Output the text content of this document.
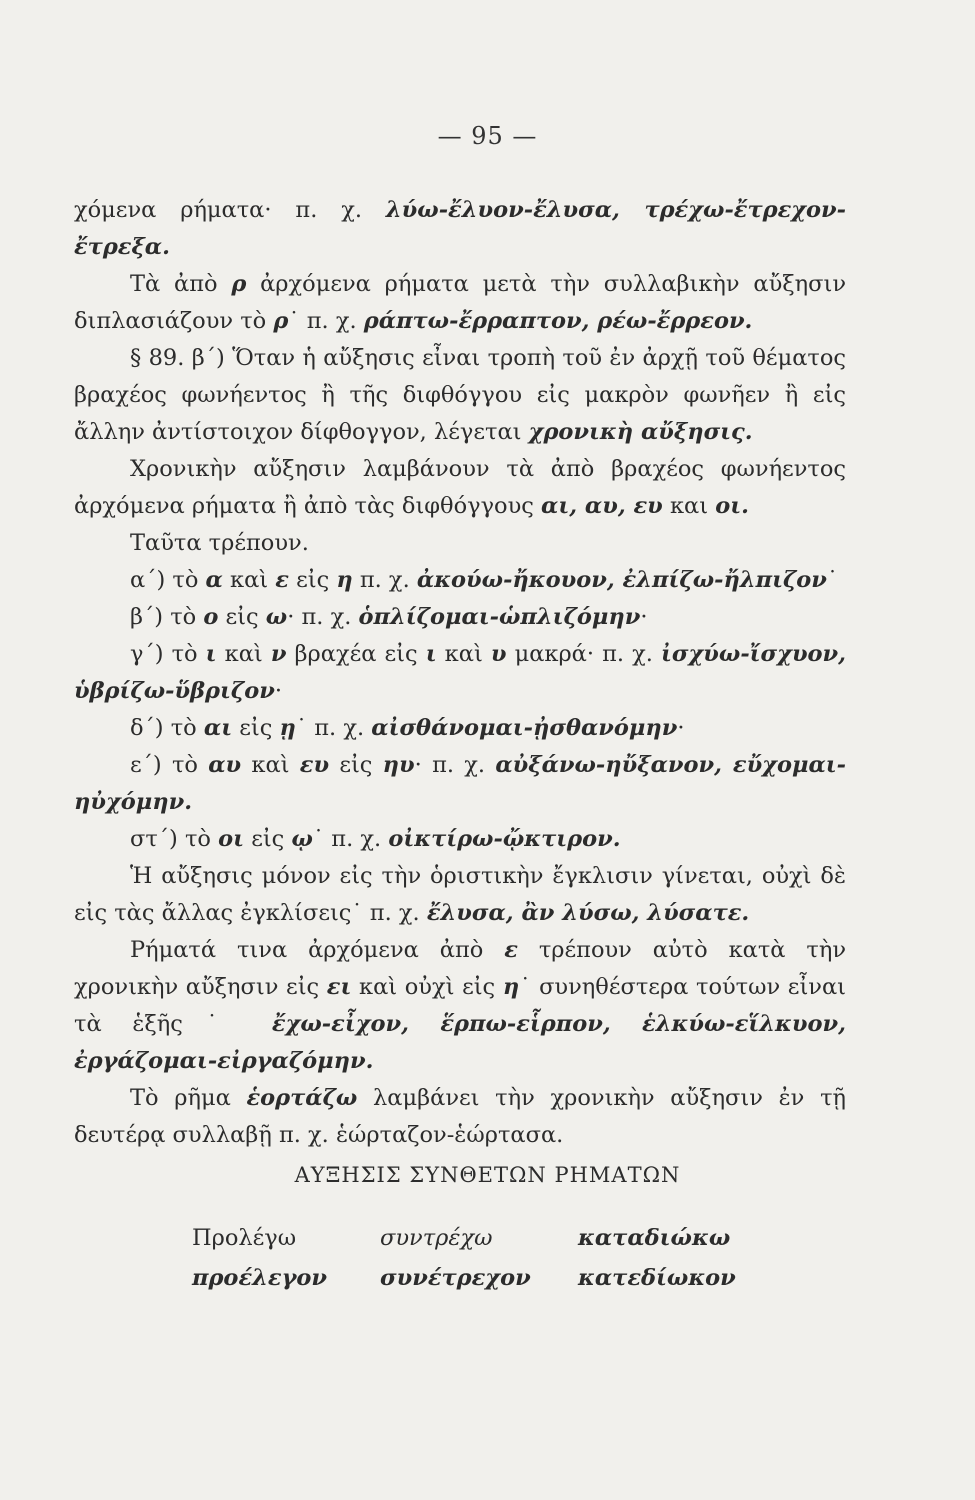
— 95 —

χόμενα ρήματα· π. χ. λύω-ἔλυον-ἔλυσα, τρέχω-ἔτρεχον-ἔτρεξα.

Τὰ ἀπὸ ρ ἀρχόμενα ρήματα μετὰ τὴν συλλαβικὴν αὔξησιν διπλασιάζουν τὸ ρ˙ π. χ. ράπτω-ἔρραπτον, ρέω-ἔρρεον.

§ 89. β΄) Ὅταν ἡ αὔξησις εἶναι τροπὴ τοῦ ἐν ἀρχῇ τοῦ θέματος βραχέος φωνήεντος ἢ τῆς διφθόγγου εἰς μακρὸν φωνῆεν ἢ εἰς ἄλλην ἀντίστοιχον δίφθογγον, λέγεται χρονικὴ αὔξησις.

Χρονικὴν αὔξησιν λαμβάνουν τὰ ἀπὸ βραχέος φωνήεντος ἀρχόμενα ρήματα ἢ ἀπὸ τὰς διφθόγγους αι, αυ, ευ και οι.

Ταῦτα τρέπουν.

α΄) τὸ α καὶ ε εἰς η π. χ. ἀκούω-ἤκουον, ἐλπίζω-ἤλπιζον˙

β΄) τὸ ο εἰς ω· π. χ. ὁπλίζομαι-ὡπλιζόμην·

γ΄) τὸ ι καὶ ν βραχέα εἰς ι καὶ υ μακρά· π. χ. ἰσχύω-ἴσχυον, ὑβρίζω-ὕβριζον·

δ΄) τὸ αι εἰς ῃ˙ π. χ. αἰσθάνομαι-ᾐσθανόμην·

ε΄) τὸ αυ καὶ ευ εἰς ηυ· π. χ. αὐξάνω-ηὔξανον, εὔχομαι-ηὐχόμην.

στ΄) τὸ οι εἰς ῳ˙ π. χ. οἰκτίρω-ᾤκτιρον.

Ἡ αὔξησις μόνον εἰς τὴν ὁριστικὴν ἔγκλισιν γίνεται, οὐχὶ δὲ εἰς τὰς ἄλλας ἐγκλίσεις˙ π. χ. ἔλυσα, ἂν λύσω, λύσατε.

Ρήματά τινα ἀρχόμενα ἀπὸ ε τρέπουν αὐτὸ κατὰ τὴν χρονικὴν αὔξησιν εἰς ει καὶ οὐχὶ εἰς η˙ συνηθέστερα τούτων εἶναι τὰ ἑξῆς˙ ἔχω-εἶχον, ἕρπω-εἷρπον, ἑλκύω-εἵλκυον, ἐργάζομαι-εἰργαζόμην.

Τὸ ρῆμα ἑορτάζω λαμβάνει τὴν χρονικὴν αὔξησιν ἐν τῇ δευτέρᾳ συλλαβῇ π. χ. ἑώρταζον-ἑώρτασα.

ΑΥΞΗΣΙΣ ΣΥΝΘΕΤΩΝ ΡΗΜΑΤΩΝ
Προλέγω
προέλεγον
συντρέχω
συνέτρεχον
καταδιώκω
κατεδίωκον
